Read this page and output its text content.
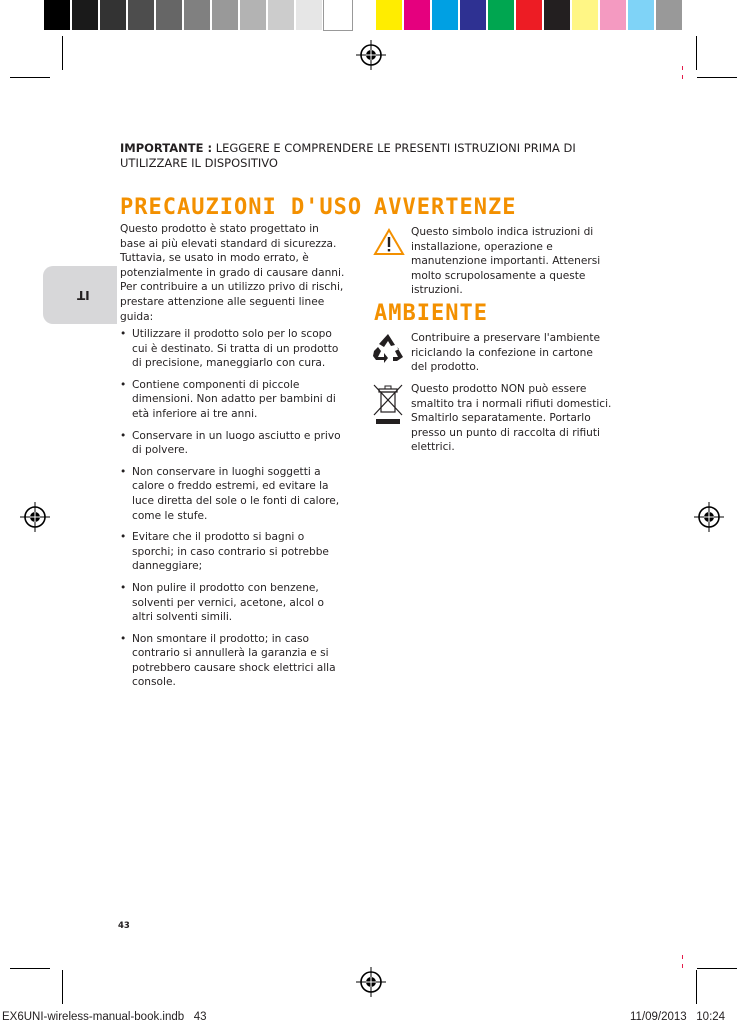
IT
IMPORTANTE : LEGGERE E COMPRENDERE LE PRESENTI ISTRUZIONI PRIMA DI UTILIZZARE IL DISPOSITIVO
PRECAUZIONI D'USO
Questo prodotto è stato progettato in base ai più elevati standard di sicurezza. Tuttavia, se usato in modo errato, è potenzialmente in grado di causare danni. Per contribuire a un utilizzo privo di rischi, prestare attenzione alle seguenti linee guida:
• Utilizzare il prodotto solo per lo scopo cui è destinato. Si tratta di un prodotto di precisione, maneggiarlo con cura.
• Contiene componenti di piccole dimensioni. Non adatto per bambini di età inferiore ai tre anni.
• Conservare in un luogo asciutto e privo di polvere.
• Non conservare in luoghi soggetti a calore o freddo estremi, ed evitare la luce diretta del sole o le fonti di calore, come le stufe.
• Evitare che il prodotto si bagni o sporchi; in caso contrario si potrebbe danneggiare;
• Non pulire il prodotto con benzene, solventi per vernici, acetone, alcol o altri solventi simili.
• Non smontare il prodotto; in caso contrario si annullerà la garanzia e si potrebbero causare shock elettrici alla console.
AVVERTENZE
Questo simbolo indica istruzioni di installazione, operazione e manutenzione importanti. Attenersi molto scrupolosamente a queste istruzioni.
AMBIENTE
Contribuire a preservare l'ambiente riciclando la confezione in cartone del prodotto.
Questo prodotto NON può essere smaltito tra i normali rifiuti domestici. Smaltirlo separatamente. Portarlo presso un punto di raccolta di rifiuti elettrici.
43
EX6UNI-wireless-manual-book.indb   43	11/09/2013   10:24
